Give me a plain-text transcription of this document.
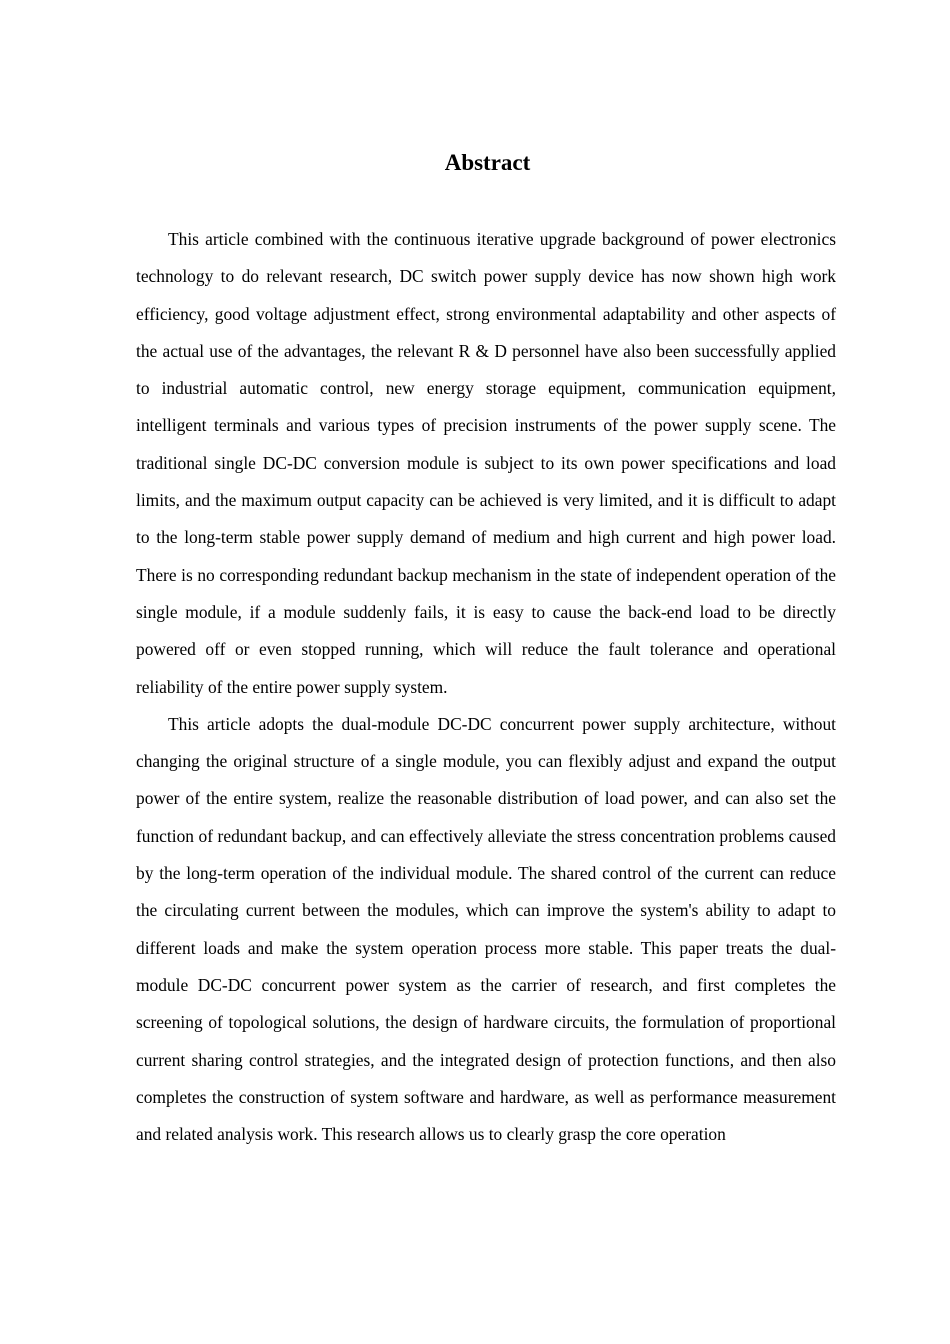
Abstract

This article combined with the continuous iterative upgrade background of power electronics technology to do relevant research, DC switch power supply device has now shown high work efficiency, good voltage adjustment effect, strong environmental adaptability and other aspects of the actual use of the advantages, the relevant R & D personnel have also been successfully applied to industrial automatic control, new energy storage equipment, communication equipment, intelligent terminals and various types of precision instruments of the power supply scene. The traditional single DC-DC conversion module is subject to its own power specifications and load limits, and the maximum output capacity can be achieved is very limited, and it is difficult to adapt to the long-term stable power supply demand of medium and high current and high power load. There is no corresponding redundant backup mechanism in the state of independent operation of the single module, if a module suddenly fails, it is easy to cause the back-end load to be directly powered off or even stopped running, which will reduce the fault tolerance and operational reliability of the entire power supply system.

This article adopts the dual-module DC-DC concurrent power supply architecture, without changing the original structure of a single module, you can flexibly adjust and expand the output power of the entire system, realize the reasonable distribution of load power, and can also set the function of redundant backup, and can effectively alleviate the stress concentration problems caused by the long-term operation of the individual module. The shared control of the current can reduce the circulating current between the modules, which can improve the system's ability to adapt to different loads and make the system operation process more stable. This paper treats the dual-module DC-DC concurrent power system as the carrier of research, and first completes the screening of topological solutions, the design of hardware circuits, the formulation of proportional current sharing control strategies, and the integrated design of protection functions, and then also completes the construction of system software and hardware, as well as performance measurement and related analysis work. This research allows us to clearly grasp the core operation
